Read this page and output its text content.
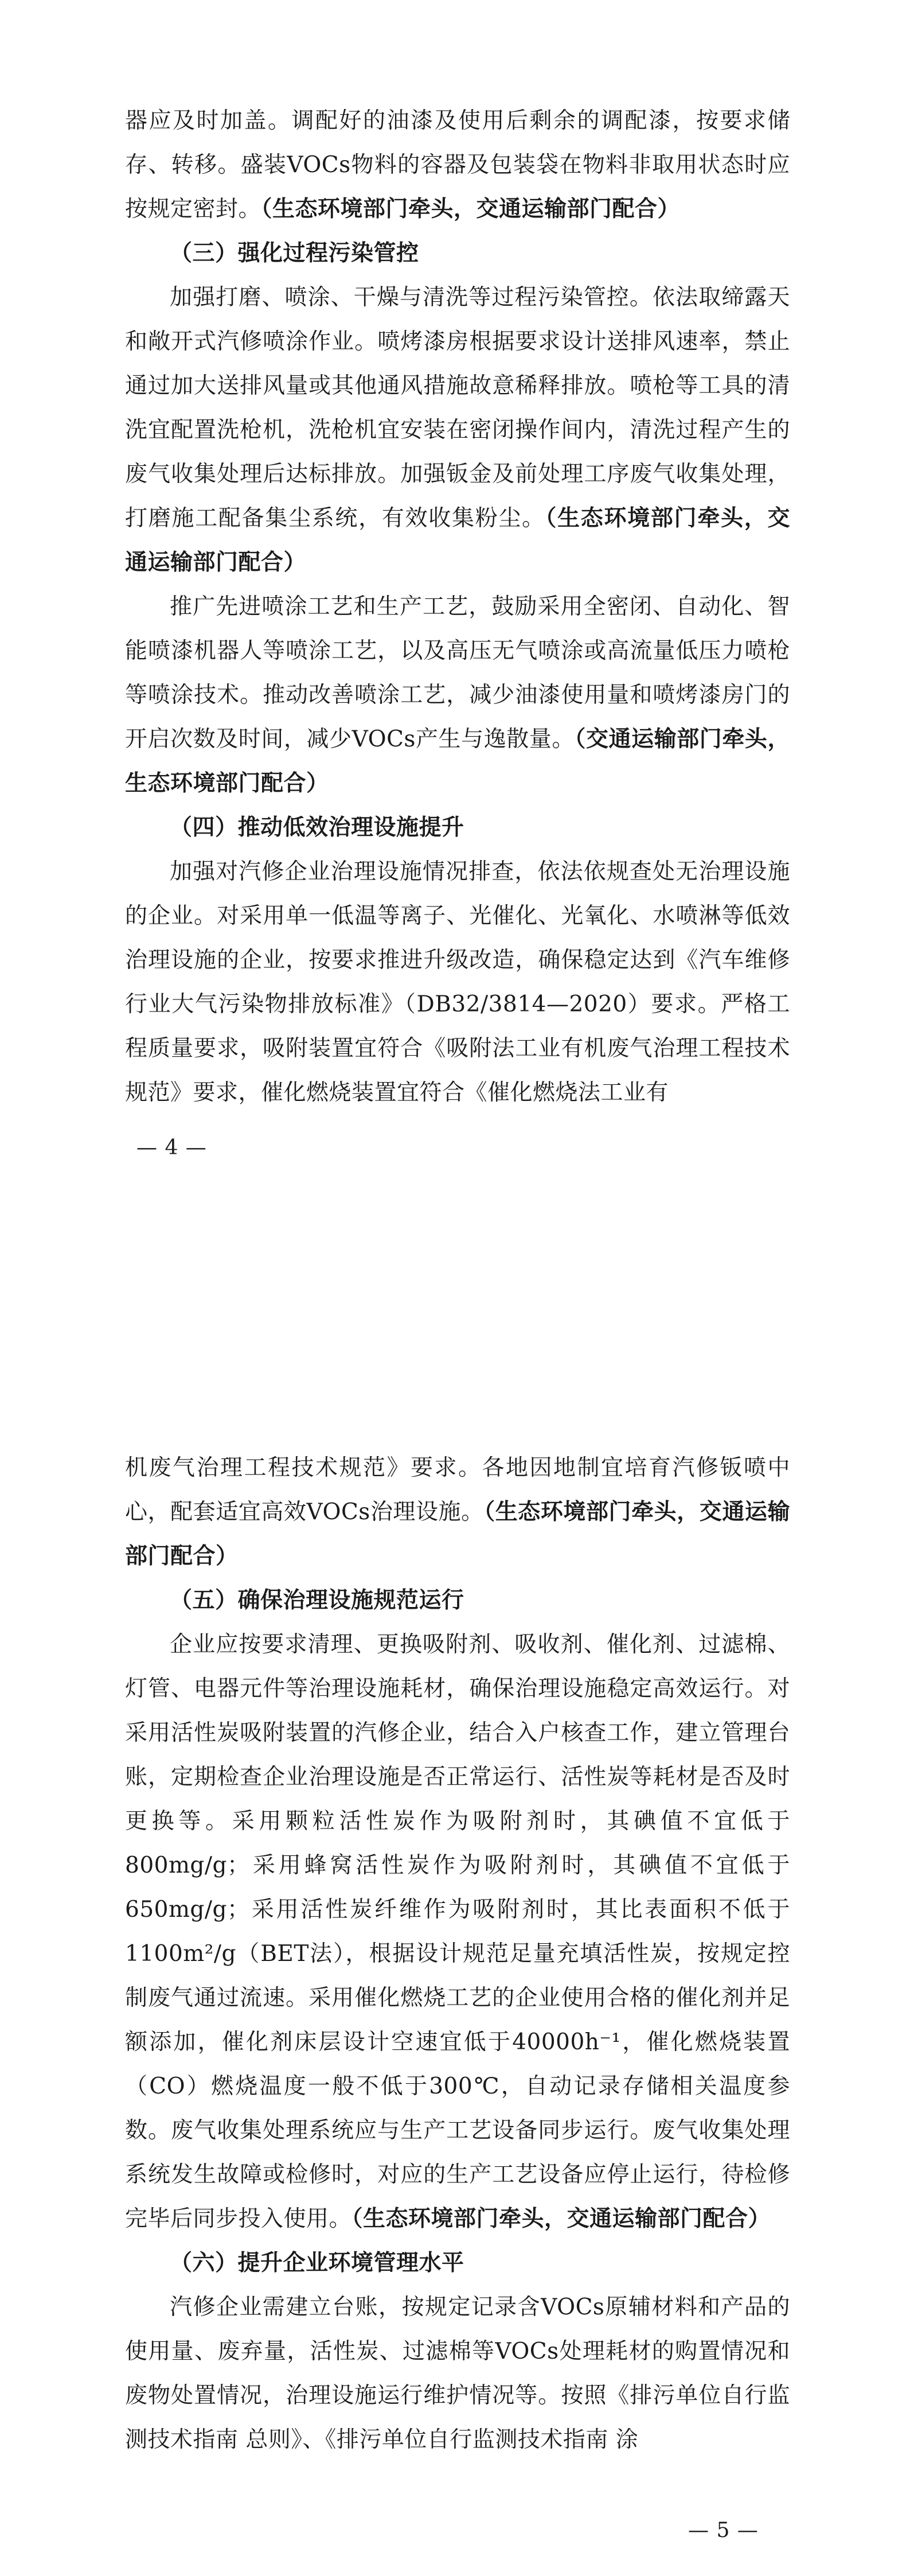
器应及时加盖。调配好的油漆及使用后剩余的调配漆，按要求储存、转移。盛装VOCs物料的容器及包装袋在物料非取用状态时应按规定密封。（生态环境部门牵头，交通运输部门配合）

（三）强化过程污染管控

加强打磨、喷涂、干燥与清洗等过程污染管控。依法取缔露天和敞开式汽修喷涂作业。喷烤漆房根据要求设计送排风速率，禁止通过加大送排风量或其他通风措施故意稀释排放。喷枪等工具的清洗宜配置洗枪机，洗枪机宜安装在密闭操作间内，清洗过程产生的废气收集处理后达标排放。加强钣金及前处理工序废气收集处理，打磨施工配备集尘系统，有效收集粉尘。（生态环境部门牵头，交通运输部门配合）

推广先进喷涂工艺和生产工艺，鼓励采用全密闭、自动化、智能喷漆机器人等喷涂工艺，以及高压无气喷涂或高流量低压力喷枪等喷涂技术。推动改善喷涂工艺，减少油漆使用量和喷烤漆房门的开启次数及时间，减少VOCs产生与逸散量。（交通运输部门牵头，生态环境部门配合）

（四）推动低效治理设施提升

加强对汽修企业治理设施情况排查，依法依规查处无治理设施的企业。对采用单一低温等离子、光催化、光氧化、水喷淋等低效治理设施的企业，按要求推进升级改造，确保稳定达到《汽车维修行业大气污染物排放标准》（DB32/3814—2020）要求。严格工程质量要求，吸附装置宜符合《吸附法工业有机废气治理工程技术规范》要求，催化燃烧装置宜符合《催化燃烧法工业有

— 4 —

机废气治理工程技术规范》要求。各地因地制宜培育汽修钣喷中心，配套适宜高效VOCs治理设施。（生态环境部门牵头，交通运输部门配合）

（五）确保治理设施规范运行

企业应按要求清理、更换吸附剂、吸收剂、催化剂、过滤棉、灯管、电器元件等治理设施耗材，确保治理设施稳定高效运行。对采用活性炭吸附装置的汽修企业，结合入户核查工作，建立管理台账，定期检查企业治理设施是否正常运行、活性炭等耗材是否及时更换等。采用颗粒活性炭作为吸附剂时，其碘值不宜低于800mg/g；采用蜂窝活性炭作为吸附剂时，其碘值不宜低于650mg/g；采用活性炭纤维作为吸附剂时，其比表面积不低于1100m²/g（BET法），根据设计规范足量充填活性炭，按规定控制废气通过流速。采用催化燃烧工艺的企业使用合格的催化剂并足额添加，催化剂床层设计空速宜低于40000h⁻¹，催化燃烧装置（CO）燃烧温度一般不低于300℃，自动记录存储相关温度参数。废气收集处理系统应与生产工艺设备同步运行。废气收集处理系统发生故障或检修时，对应的生产工艺设备应停止运行，待检修完毕后同步投入使用。（生态环境部门牵头，交通运输部门配合）

（六）提升企业环境管理水平

汽修企业需建立台账，按规定记录含VOCs原辅材料和产品的使用量、废弃量，活性炭、过滤棉等VOCs处理耗材的购置情况和废物处置情况，治理设施运行维护情况等。按照《排污单位自行监测技术指南 总则》、《排污单位自行监测技术指南 涂

— 5 —
